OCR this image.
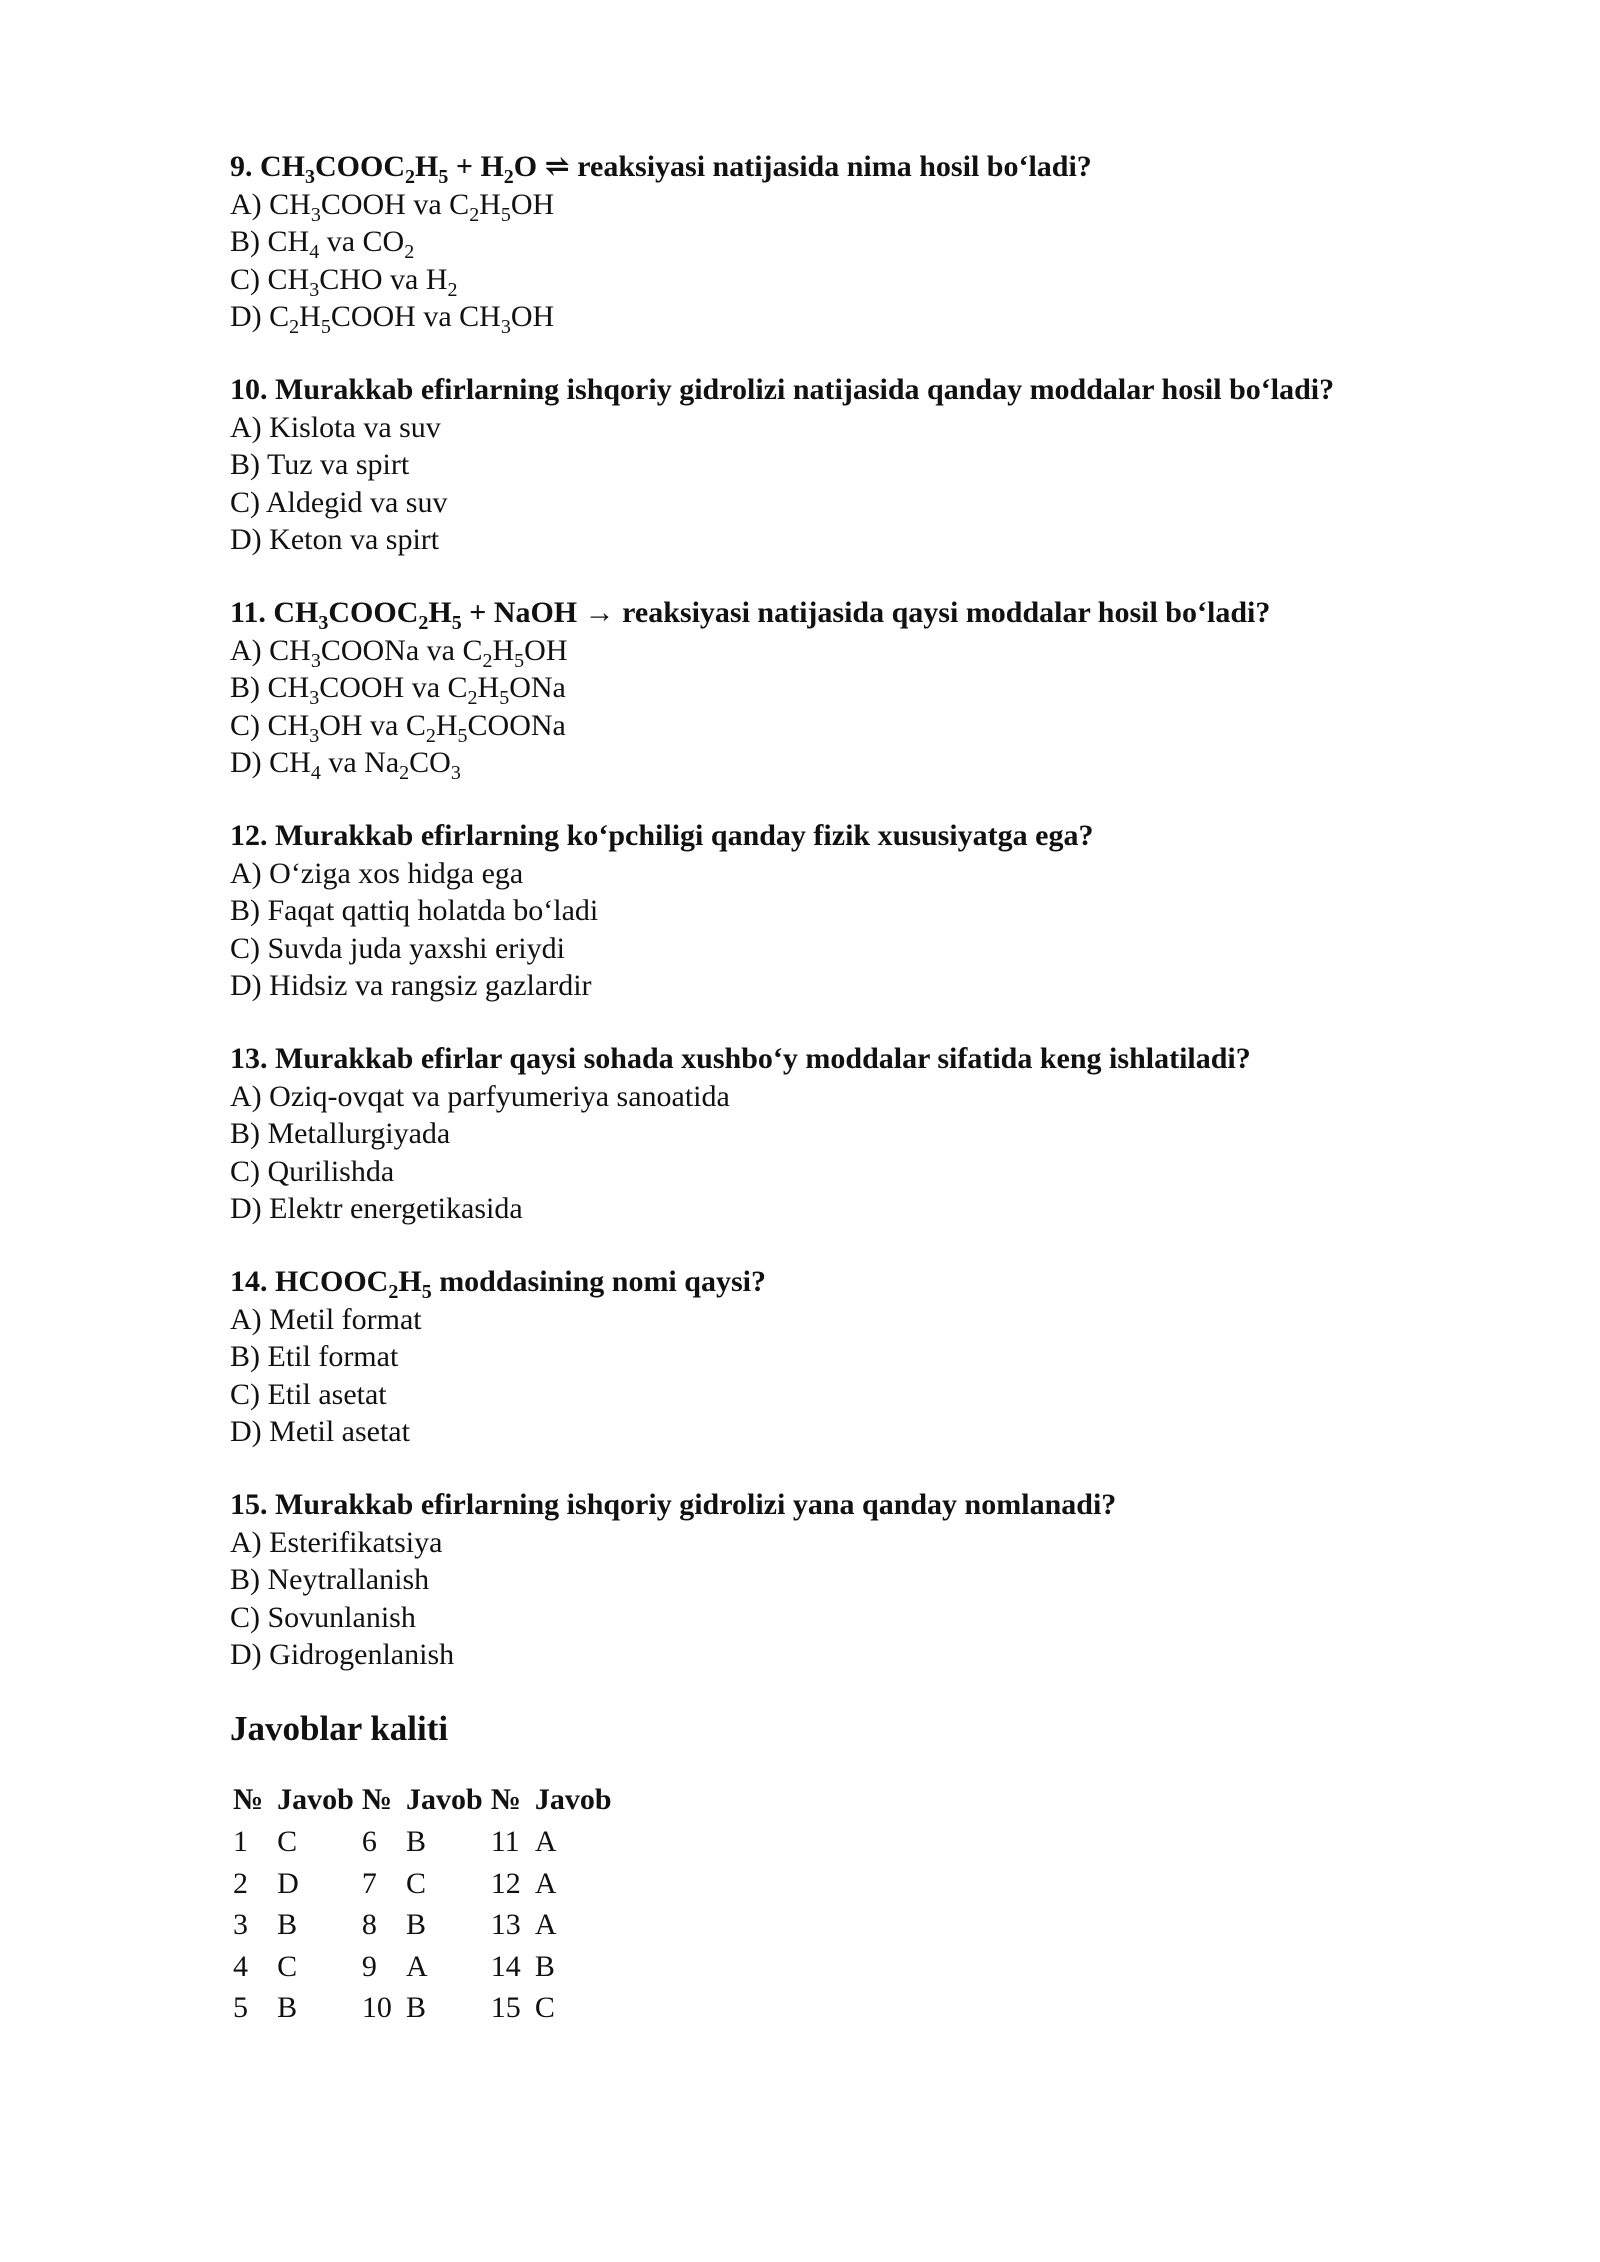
9. $CH_3COOC_2H_5 + H_2O$ ⇌ reaksiyasi natijasida nima hosil bo‘ladi?
A) $CH_3COOH$ va $C_2H_5OH$
B) $CH_4$ va $CO_2$
C) $CH_3CHO$ va $H_2$
D) $C_2H_5COOH$ va $CH_3OH$
10. Murakkab efirlarning ishqoriy gidrolizi natijasida qanday moddalar hosil bo‘ladi?
A) Kislota va suv
B) Tuz va spirt
C) Aldegid va suv
D) Keton va spirt
11. $CH_3COOC_2H_5$ + NaOH → reaksiyasi natijasida qaysi moddalar hosil bo‘ladi?
A) $CH_3COONa$ va $C_2H_5OH$
B) $CH_3COOH$ va $C_2H_5ONa$
C) $CH_3OH$ va $C_2H_5COONa$
D) $CH_4$ va $Na_2CO_3$
12. Murakkab efirlarning ko‘pchiligi qanday fizik xususiyatga ega?
A) O‘ziga xos hidga ega
B) Faqat qattiq holatda bo‘ladi
C) Suvda juda yaxshi eriydi
D) Hidsiz va rangsiz gazlardir
13. Murakkab efirlar qaysi sohada xushbo‘y moddalar sifatida keng ishlatiladi?
A) Oziq-ovqat va parfyumeriya sanoatida
B) Metallurgiyada
C) Qurilishda
D) Elektr energetikasida
14. $HCOOC_2H_5$ moddasining nomi qaysi?
A) Metil format
B) Etil format
C) Etil asetat
D) Metil asetat
15. Murakkab efirlarning ishqoriy gidrolizi yana qanday nomlanadi?
A) Esterifikatsiya
B) Neytrallanish
C) Sovunlanish
D) Gidrogenlanish
Javoblar kaliti
№	Javob	№	Javob	№	Javob
1	C	6	B	11	A
2	D	7	C	12	A
3	B	8	B	13	A
4	C	9	A	14	B
5	B	10	B	15	C
